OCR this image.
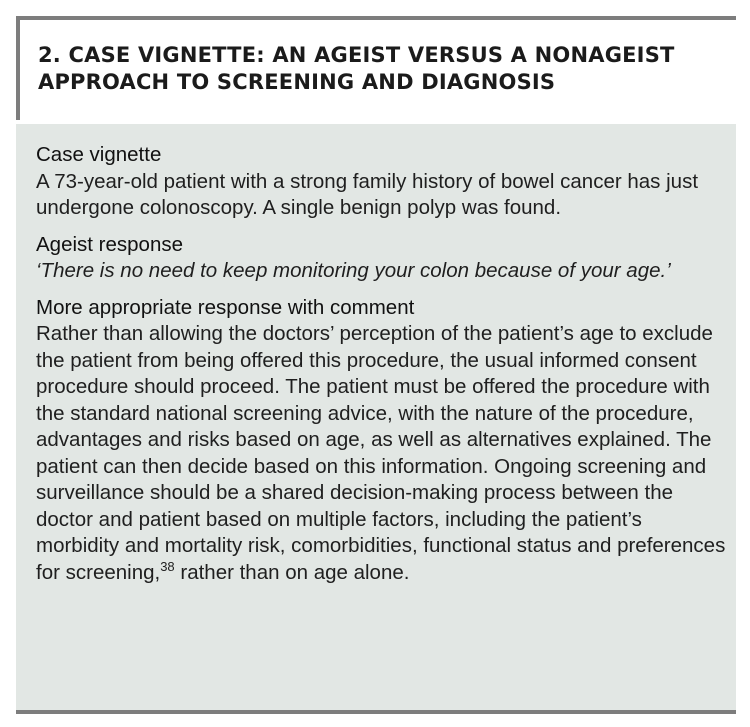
2. CASE VIGNETTE: AN AGEIST VERSUS A NONAGEIST APPROACH TO SCREENING AND DIAGNOSIS
Case vignette
A 73-year-old patient with a strong family history of bowel cancer has just undergone colonoscopy. A single benign polyp was found.
Ageist response
‘There is no need to keep monitoring your colon because of your age.’
More appropriate response with comment
Rather than allowing the doctors’ perception of the patient’s age to exclude the patient from being offered this procedure, the usual informed consent procedure should proceed. The patient must be offered the procedure with the standard national screening advice, with the nature of the procedure, advantages and risks based on age, as well as alternatives explained. The patient can then decide based on this information. Ongoing screening and surveillance should be a shared decision-making process between the doctor and patient based on multiple factors, including the patient’s morbidity and mortality risk, comorbidities, functional status and preferences for screening,$^{38}$ rather than on age alone.
